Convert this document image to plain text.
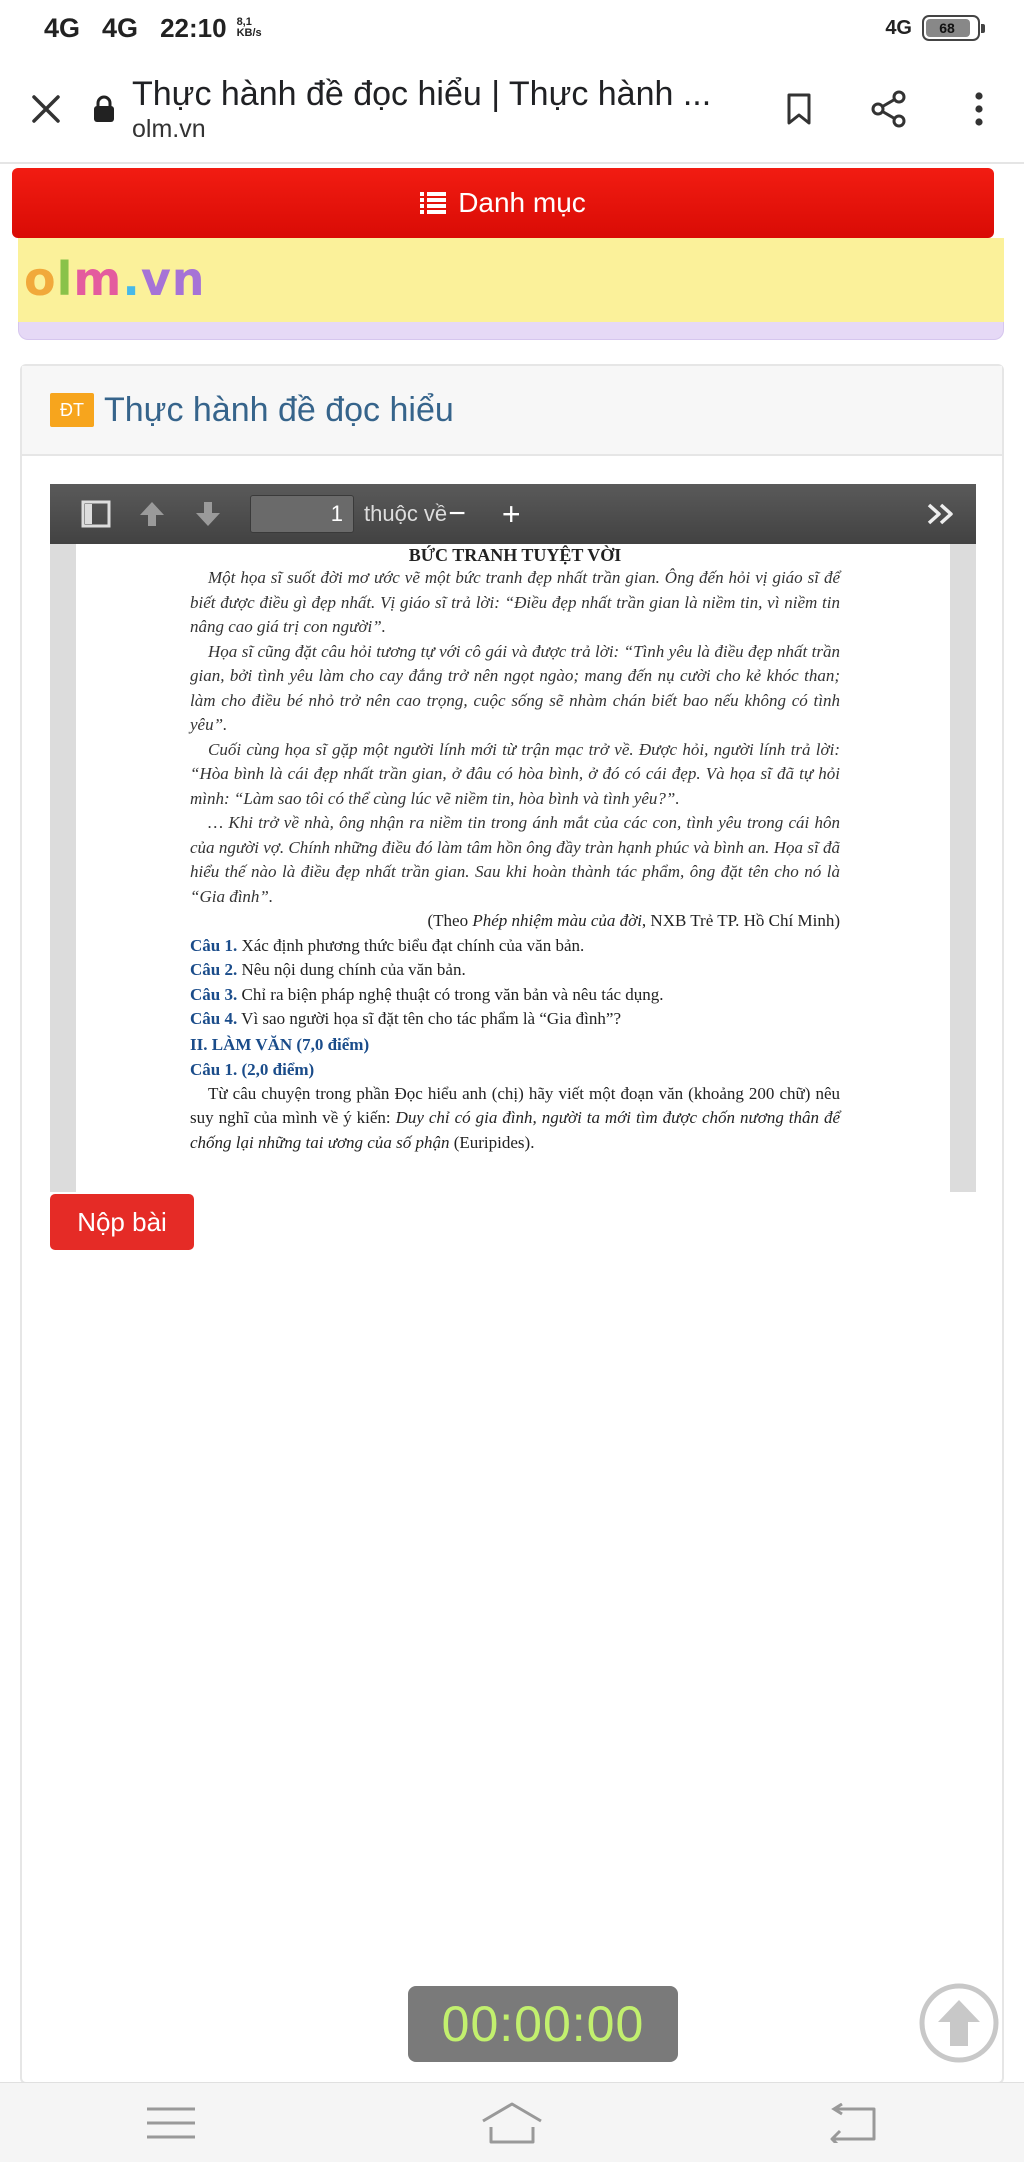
4G 4G 22:10 8,1 KB/s	4G 68
Thực hành đề đọc hiểu | Thực hành ...
olm.vn
Danh mục
olm.vn
ĐT Thực hành đề đọc hiểu
1
thuộc về −	+
BỨC TRANH TUYỆT VỜI
Một họa sĩ suốt đời mơ ước vẽ một bức tranh đẹp nhất trần gian. Ông đến hỏi vị giáo sĩ để biết được điều gì đẹp nhất. Vị giáo sĩ trả lời: “Điều đẹp nhất trần gian là niềm tin, vì niềm tin nâng cao giá trị con người”.
Họa sĩ cũng đặt câu hỏi tương tự với cô gái và được trả lời: “Tình yêu là điều đẹp nhất trần gian, bởi tình yêu làm cho cay đắng trở nên ngọt ngào; mang đến nụ cười cho kẻ khóc than; làm cho điều bé nhỏ trở nên cao trọng, cuộc sống sẽ nhàm chán biết bao nếu không có tình yêu”.
Cuối cùng họa sĩ gặp một người lính mới từ trận mạc trở về. Được hỏi, người lính trả lời: “Hòa bình là cái đẹp nhất trần gian, ở đâu có hòa bình, ở đó có cái đẹp. Và họa sĩ đã tự hỏi mình: “Làm sao tôi có thể cùng lúc vẽ niềm tin, hòa bình và tình yêu?”.
… Khi trở về nhà, ông nhận ra niềm tin trong ánh mắt của các con, tình yêu trong cái hôn của người vợ. Chính những điều đó làm tâm hồn ông đầy tràn hạnh phúc và bình an. Họa sĩ đã hiểu thế nào là điều đẹp nhất trần gian. Sau khi hoàn thành tác phẩm, ông đặt tên cho nó là “Gia đình”.
(Theo Phép nhiệm màu của đời, NXB Trẻ TP. Hồ Chí Minh)
Câu 1. Xác định phương thức biểu đạt chính của văn bản.
Câu 2. Nêu nội dung chính của văn bản.
Câu 3. Chỉ ra biện pháp nghệ thuật có trong văn bản và nêu tác dụng.
Câu 4. Vì sao người họa sĩ đặt tên cho tác phẩm là “Gia đình”?
II. LÀM VĂN (7,0 điểm)
Câu 1. (2,0 điểm)
Từ câu chuyện trong phần Đọc hiểu anh (chị) hãy viết một đoạn văn (khoảng 200 chữ) nêu suy nghĩ của mình về ý kiến: Duy chỉ có gia đình, người ta mới tìm được chốn nương thân để chống lại những tai ương của số phận (Euripides).
Nộp bài
00:00:00
